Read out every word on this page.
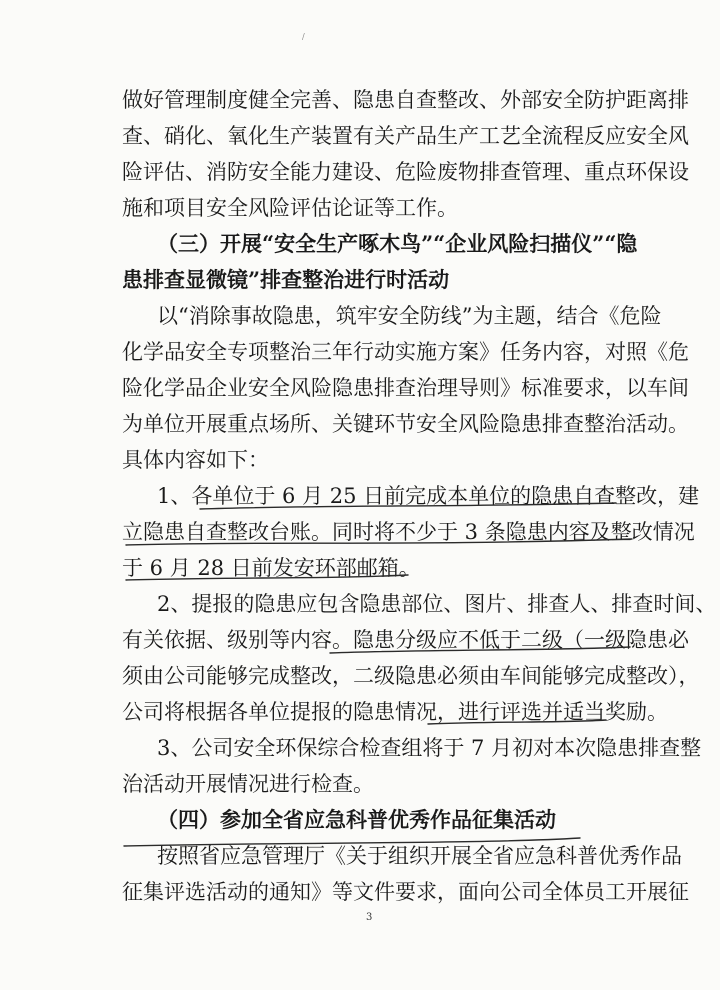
/

做好管理制度健全完善、隐患自查整改、外部安全防护距离排

查、硝化、氧化生产装置有关产品生产工艺全流程反应安全风

险评估、消防安全能力建设、危险废物排查管理、重点环保设

施和项目安全风险评估论证等工作。

（三）开展“安全生产啄木鸟”“企业风险扫描仪”“隐

患排查显微镜”排查整治进行时活动

以“消除事故隐患，筑牢安全防线”为主题，结合《危险

化学品安全专项整治三年行动实施方案》任务内容，对照《危

险化学品企业安全风险隐患排查治理导则》标准要求，以车间

为单位开展重点场所、关键环节安全风险隐患排查整治活动。

具体内容如下：

1、各单位于 6 月 25 日前完成本单位的隐患自查整改，建

立隐患自查整改台账。同时将不少于 3 条隐患内容及整改情况

于 6 月 28 日前发安环部邮箱。

2、提报的隐患应包含隐患部位、图片、排查人、排查时间、

有关依据、级别等内容。隐患分级应不低于二级（一级隐患必

须由公司能够完成整改，二级隐患必须由车间能够完成整改），

公司将根据各单位提报的隐患情况，进行评选并适当奖励。

3、公司安全环保综合检查组将于 7 月初对本次隐患排查整

治活动开展情况进行检查。

（四）参加全省应急科普优秀作品征集活动

按照省应急管理厅《关于组织开展全省应急科普优秀作品

征集评选活动的通知》等文件要求，面向公司全体员工开展征

3
